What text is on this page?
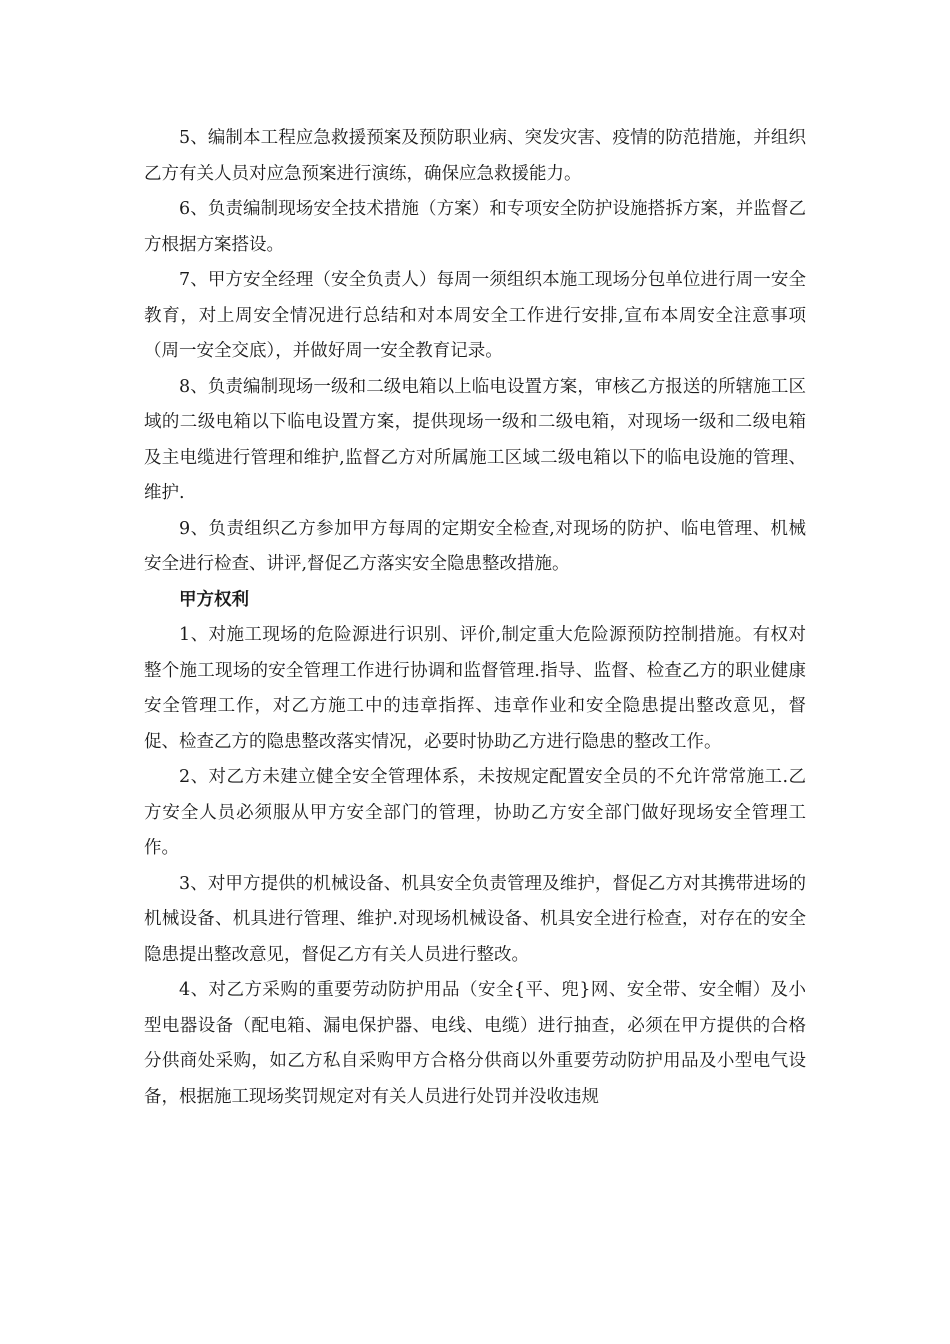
5、编制本工程应急救援预案及预防职业病、突发灾害、疫情的防范措施，并组织乙方有关人员对应急预案进行演练，确保应急救援能力。

6、负责编制现场安全技术措施（方案）和专项安全防护设施搭拆方案，并监督乙方根据方案搭设。

7、甲方安全经理（安全负责人）每周一须组织本施工现场分包单位进行周一安全教育，对上周安全情况进行总结和对本周安全工作进行安排,宣布本周安全注意事项（周一安全交底），并做好周一安全教育记录。

8、负责编制现场一级和二级电箱以上临电设置方案，审核乙方报送的所辖施工区域的二级电箱以下临电设置方案，提供现场一级和二级电箱，对现场一级和二级电箱及主电缆进行管理和维护,监督乙方对所属施工区域二级电箱以下的临电设施的管理、维护.

9、负责组织乙方参加甲方每周的定期安全检查,对现场的防护、临电管理、机械安全进行检查、讲评,督促乙方落实安全隐患整改措施。

甲方权利

1、对施工现场的危险源进行识别、评价,制定重大危险源预防控制措施。有权对整个施工现场的安全管理工作进行协调和监督管理.指导、监督、检查乙方的职业健康安全管理工作，对乙方施工中的违章指挥、违章作业和安全隐患提出整改意见，督促、检查乙方的隐患整改落实情况，必要时协助乙方进行隐患的整改工作。

2、对乙方未建立健全安全管理体系，未按规定配置安全员的不允许常常施工.乙方安全人员必须服从甲方安全部门的管理，协助乙方安全部门做好现场安全管理工作。

3、对甲方提供的机械设备、机具安全负责管理及维护，督促乙方对其携带进场的机械设备、机具进行管理、维护.对现场机械设备、机具安全进行检查，对存在的安全隐患提出整改意见，督促乙方有关人员进行整改。

4、对乙方采购的重要劳动防护用品（安全{平、兜}网、安全带、安全帽）及小型电器设备（配电箱、漏电保护器、电线、电缆）进行抽查，必须在甲方提供的合格分供商处采购，如乙方私自采购甲方合格分供商以外重要劳动防护用品及小型电气设备，根据施工现场奖罚规定对有关人员进行处罚并没收违规
